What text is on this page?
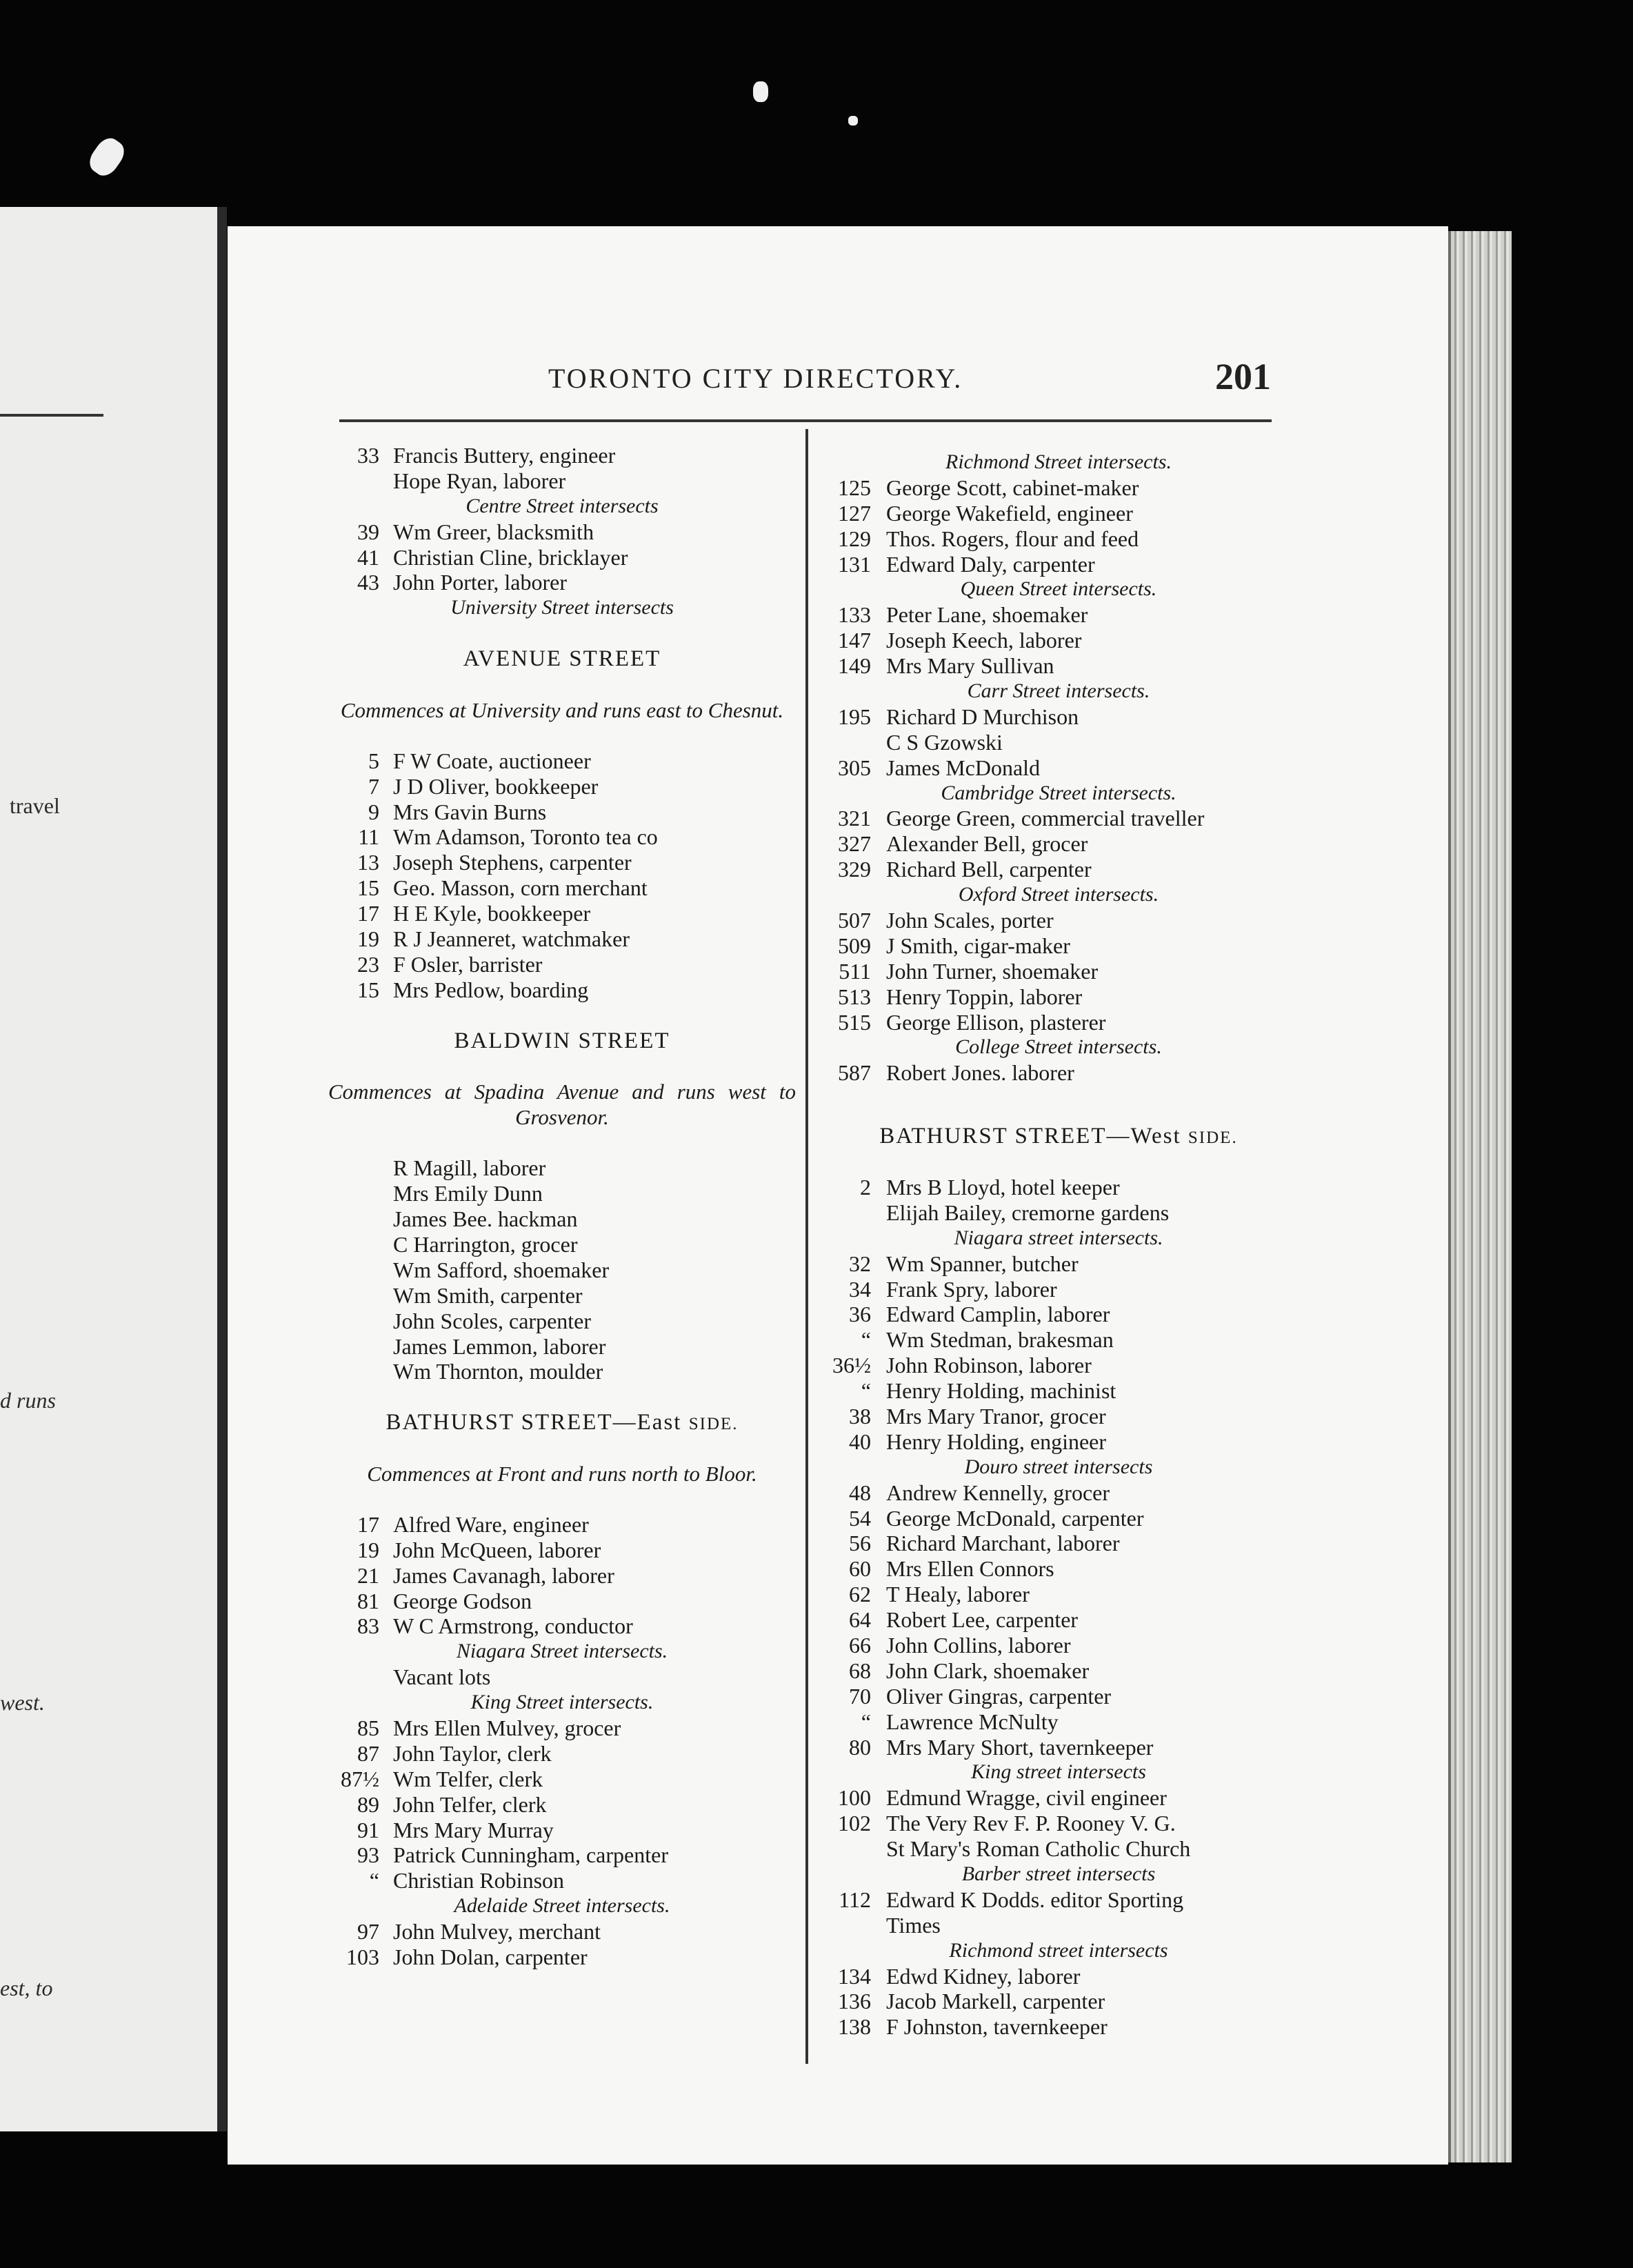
travel
d runs
west.
est, to
TORONTO CITY DIRECTORY.	201
33 Francis Buttery, engineer
Hope Ryan, laborer
Centre Street intersects
39 Wm Greer, blacksmith
41 Christian Cline, bricklayer
43 John Porter, laborer
University Street intersects
AVENUE STREET
Commences at University and runs east to Chesnut.
5 F W Coate, auctioneer
7 J D Oliver, bookkeeper
9 Mrs Gavin Burns
11 Wm Adamson, Toronto tea co
13 Joseph Stephens, carpenter
15 Geo. Masson, corn merchant
17 H E Kyle, bookkeeper
19 R J Jeanneret, watchmaker
23 F Osler, barrister
15 Mrs Pedlow, boarding
BALDWIN STREET
Commences at Spadina Avenue and runs west to Grosvenor.
R Magill, laborer
Mrs Emily Dunn
James Bee. hackman
C Harrington, grocer
Wm Safford, shoemaker
Wm Smith, carpenter
John Scoles, carpenter
James Lemmon, laborer
Wm Thornton, moulder
BATHURST STREET—East SIDE.
Commences at Front and runs north to Bloor.
17 Alfred Ware, engineer
19 John McQueen, laborer
21 James Cavanagh, laborer
81 George Godson
83 W C Armstrong, conductor
Niagara Street intersects.
Vacant lots
King Street intersects.
85 Mrs Ellen Mulvey, grocer
87 John Taylor, clerk
87½ Wm Telfer, clerk
89 John Telfer, clerk
91 Mrs Mary Murray
93 Patrick Cunningham, carpenter
“ Christian Robinson
Adelaide Street intersects.
97 John Mulvey, merchant
103 John Dolan, carpenter
Richmond Street intersects.
125 George Scott, cabinet-maker
127 George Wakefield, engineer
129 Thos. Rogers, flour and feed
131 Edward Daly, carpenter
Queen Street intersects.
133 Peter Lane, shoemaker
147 Joseph Keech, laborer
149 Mrs Mary Sullivan
Carr Street intersects.
195 Richard D Murchison
C S Gzowski
305 James McDonald
Cambridge Street intersects.
321 George Green, commercial traveller
327 Alexander Bell, grocer
329 Richard Bell, carpenter
Oxford Street intersects.
507 John Scales, porter
509 J Smith, cigar-maker
511 John Turner, shoemaker
513 Henry Toppin, laborer
515 George Ellison, plasterer
College Street intersects.
587 Robert Jones. laborer
BATHURST STREET—West SIDE.
2 Mrs B Lloyd, hotel keeper
Elijah Bailey, cremorne gardens
Niagara street intersects.
32 Wm Spanner, butcher
34 Frank Spry, laborer
36 Edward Camplin, laborer
“ Wm Stedman, brakesman
36½ John Robinson, laborer
“ Henry Holding, machinist
38 Mrs Mary Tranor, grocer
40 Henry Holding, engineer
Douro street intersects
48 Andrew Kennelly, grocer
54 George McDonald, carpenter
56 Richard Marchant, laborer
60 Mrs Ellen Connors
62 T Healy, laborer
64 Robert Lee, carpenter
66 John Collins, laborer
68 John Clark, shoemaker
70 Oliver Gingras, carpenter
“ Lawrence McNulty
80 Mrs Mary Short, tavernkeeper
King street intersects
100 Edmund Wragge, civil engineer
102 The Very Rev F. P. Rooney V. G.
St Mary's Roman Catholic Church
Barber street intersects
112 Edward K Dodds. editor Sporting
Times
Richmond street intersects
134 Edwd Kidney, laborer
136 Jacob Markell, carpenter
138 F Johnston, tavernkeeper
